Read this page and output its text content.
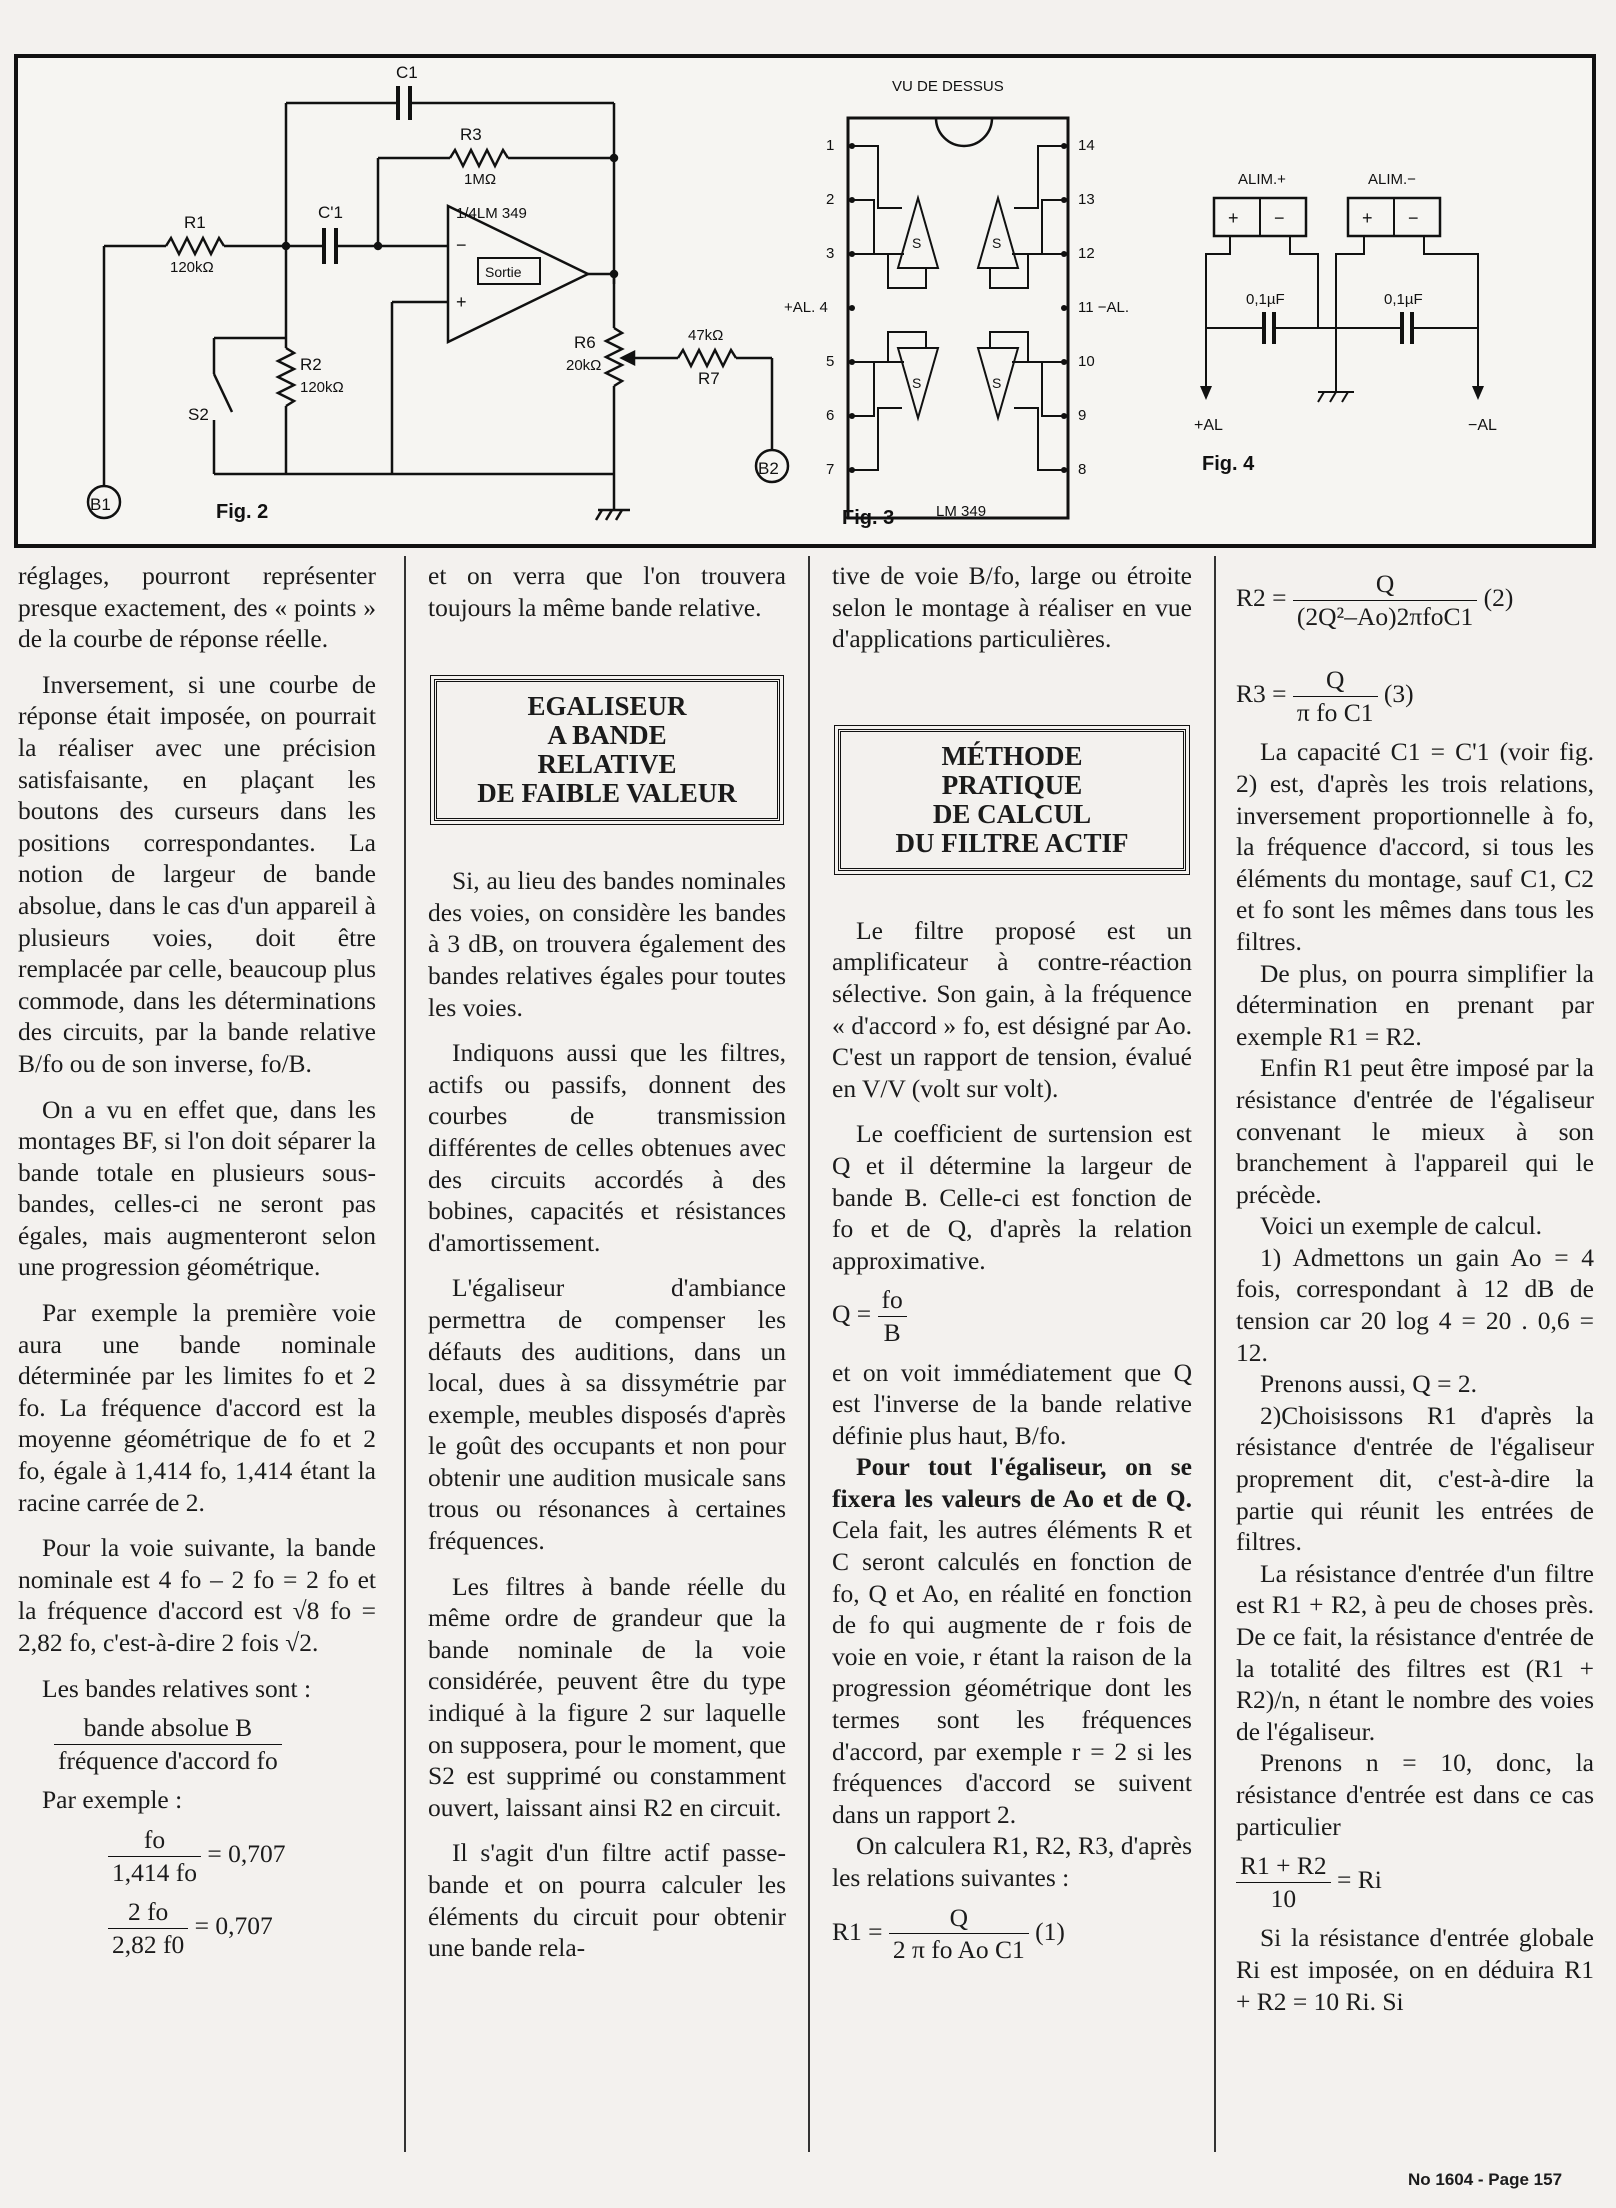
B1
R1
120kΩ
C'1
C1
R3
1MΩ
−
+
1/4LM 349
Sortie
R6
20kΩ
47kΩ
R7
B2
R2
120kΩ
S2
Fig. 2
VU DE DESSUS
1
2
3
+AL. 4
5
6
7
14
13
12
11 −AL.
10
9
8
S	S
S	S
Fig. 3	LM 349
ALIM.+	ALIM.−
+ −	+ −
0,1µF	0,1µF
+AL	−AL
Fig. 4

réglages, pourront représenter presque exactement, des « points » de la courbe de réponse réelle.

Inversement, si une courbe de réponse était imposée, on pourrait la réaliser avec une précision satisfaisante, en plaçant les boutons des curseurs dans les positions correspondantes. La notion de largeur de bande absolue, dans le cas d'un appareil à plusieurs voies, doit être remplacée par celle, beaucoup plus commode, dans les déterminations des circuits, par la bande relative B/fo ou de son inverse, fo/B.

On a vu en effet que, dans les montages BF, si l'on doit séparer la bande totale en plusieurs sous-bandes, celles-ci ne seront pas égales, mais augmenteront selon une progression géométrique.

Par exemple la première voie aura une bande nominale déterminée par les limites fo et 2 fo. La fréquence d'accord est la moyenne géométrique de fo et 2 fo, égale à 1,414 fo, 1,414 étant la racine carrée de 2.

Pour la voie suivante, la bande nominale est 4 fo – 2 fo = 2 fo et la fréquence d'accord est √8 fo = 2,82 fo, c'est-à-dire 2 fois √2.

Les bandes relatives sont :

$\frac{\text{bande absolue B}}{\text{fréquence d'accord fo}}$

Par exemple :

$\frac{fo}{1,414 fo} = 0,707$
$\frac{2 fo}{2,82 f0} = 0,707$

et on verra que l'on trouvera toujours la même bande relative.

EGALISEUR
A BANDE
RELATIVE
DE FAIBLE VALEUR

Si, au lieu des bandes nominales des voies, on considère les bandes à 3 dB, on trouvera également des bandes relatives égales pour toutes les voies.

Indiquons aussi que les filtres, actifs ou passifs, donnent des courbes de transmission différentes de celles obtenues avec des circuits accordés à des bobines, capacités et résistances d'amortissement.

L'égaliseur d'ambiance permettra de compenser les défauts des auditions, dans un local, dues à sa dissymétrie par exemple, meubles disposés d'après le goût des occupants et non pour obtenir une audition musicale sans trous ou résonances à certaines fréquences.

Les filtres à bande réelle du même ordre de grandeur que la bande nominale de la voie considérée, peuvent être du type indiqué à la figure 2 sur laquelle on supposera, pour le moment, que S2 est supprimé ou constamment ouvert, laissant ainsi R2 en circuit.

Il s'agit d'un filtre actif passe-bande et on pourra calculer les éléments du circuit pour obtenir une bande rela-

tive de voie B/fo, large ou étroite selon le montage à réaliser en vue d'applications particulières.

MÉTHODE
PRATIQUE
DE CALCUL
DU FILTRE ACTIF

Le filtre proposé est un amplificateur à contre-réaction sélective. Son gain, à la fréquence « d'accord » fo, est désigné par Ao. C'est un rapport de tension, évalué en V/V (volt sur volt).

Le coefficient de surtension est Q et il détermine la largeur de bande B. Celle-ci est fonction de fo et de Q, d'après la relation approximative.

$Q = \frac{fo}{B}$

et on voit immédiatement que Q est l'inverse de la bande relative définie plus haut, B/fo.

Pour tout l'égaliseur, on se fixera les valeurs de Ao et de Q. Cela fait, les autres éléments R et C seront calculés en fonction de fo, Q et Ao, en réalité en fonction de fo qui augmente de r fois de voie en voie, r étant la raison de la progression géométrique dont les termes sont les fréquences d'accord, par exemple r = 2 si les fréquences d'accord se suivent dans un rapport 2.

On calculera R1, R2, R3, d'après les relations suivantes :

$R1 = \frac{Q}{\text{2 π fo Ao C1}} (1)$
$R2 = \frac{Q}{\text{(2Q²–Ao)2πfoC1}} (2)$
$R3 = \frac{Q}{\text{π fo C1}} (3)$

La capacité C1 = C'1 (voir fig. 2) est, d'après les trois relations, inversement proportionnelle à fo, la fréquence d'accord, si tous les éléments du montage, sauf C1, C2 et fo sont les mêmes dans tous les filtres.

De plus, on pourra simplifier la détermination en prenant par exemple R1 = R2.

Enfin R1 peut être imposé par la résistance d'entrée de l'égaliseur convenant le mieux à son branchement à l'appareil qui le précède.

Voici un exemple de calcul.

1) Admettons un gain Ao = 4 fois, correspondant à 12 dB de tension car 20 log 4 = 20 . 0,6 = 12.

Prenons aussi, Q = 2.

2)Choisissons R1 d'après la résistance d'entrée de l'égaliseur proprement dit, c'est-à-dire la partie qui réunit les entrées de filtres.

La résistance d'entrée d'un filtre est R1 + R2, à peu de choses près. De ce fait, la résistance d'entrée de la totalité des filtres est (R1 + R2)/n, n étant le nombre des voies de l'égaliseur.

Prenons n = 10, donc, la résistance d'entrée est dans ce cas particulier

$\frac{R1 + R2}{10} = Ri$

Si la résistance d'entrée globale Ri est imposée, on en déduira R1 + R2 = 10 Ri. Si

No 1604 - Page 157
